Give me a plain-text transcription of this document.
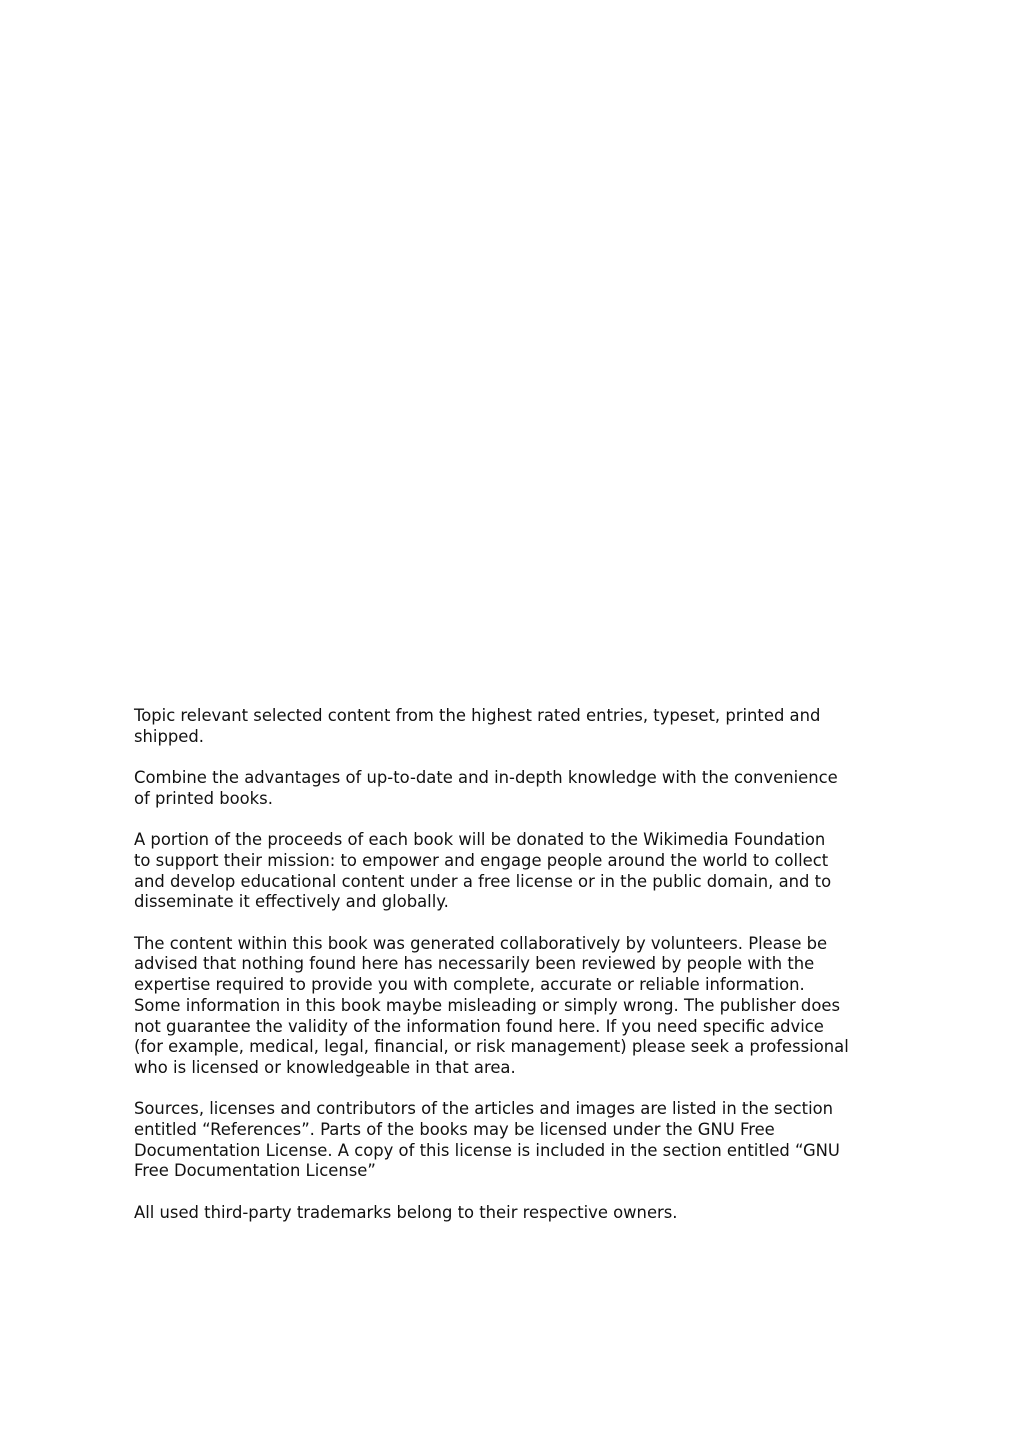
Topic relevant selected content from the highest rated entries, typeset, printed and
shipped.

Combine the advantages of up-to-date and in-depth knowledge with the convenience
of printed books.

A portion of the proceeds of each book will be donated to the Wikimedia Foundation
to support their mission: to empower and engage people around the world to collect
and develop educational content under a free license or in the public domain, and to
disseminate it effectively and globally.

The content within this book was generated collaboratively by volunteers. Please be
advised that nothing found here has necessarily been reviewed by people with the
expertise required to provide you with complete, accurate or reliable information.
Some information in this book maybe misleading or simply wrong. The publisher does
not guarantee the validity of the information found here. If you need specific advice
(for example, medical, legal, financial, or risk management) please seek a professional
who is licensed or knowledgeable in that area.

Sources, licenses and contributors of the articles and images are listed in the section
entitled “References”. Parts of the books may be licensed under the GNU Free
Documentation License. A copy of this license is included in the section entitled “GNU
Free Documentation License”

All used third-party trademarks belong to their respective owners.
